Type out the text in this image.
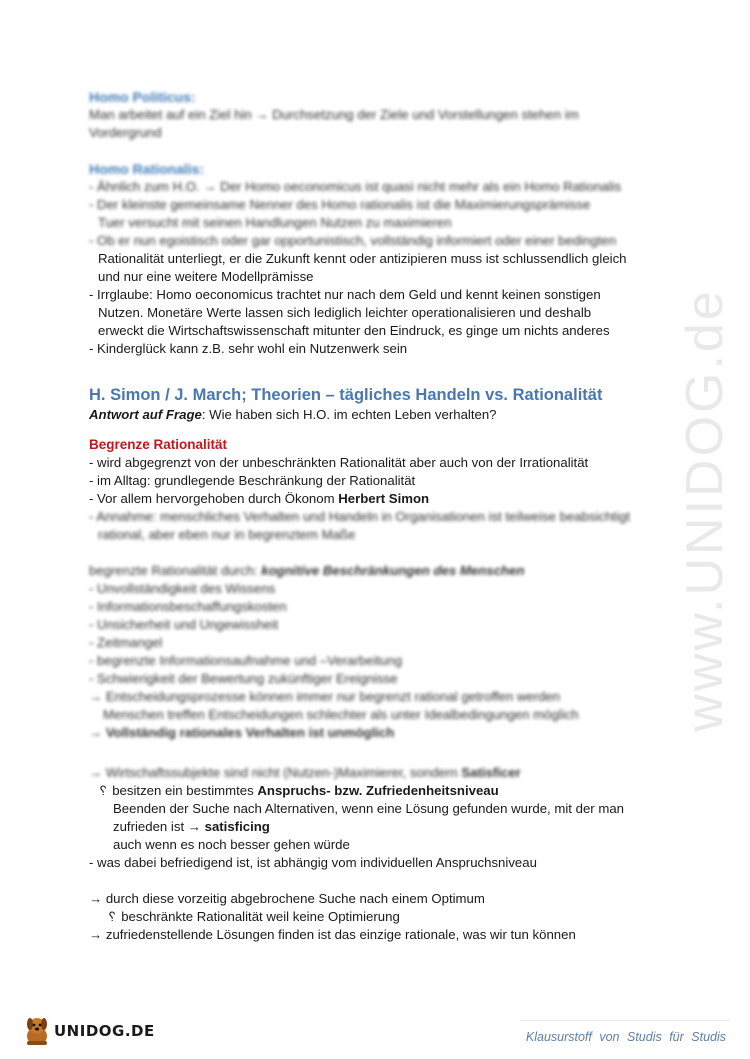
www.UNIDOG.de

Homo Politicus:

Man arbeitet auf ein Ziel hin → Durchsetzung der Ziele und Vorstellungen stehen im

Vordergrund

Homo Rationalis:

- Ähnlich zum H.O. → Der Homo oeconomicus ist quasi nicht mehr als ein Homo Rationalis

- Der kleinste gemeinsame Nenner des Homo rationalis ist die Maximierungsprämisse

Tuer versucht mit seinen Handlungen Nutzen zu maximieren

- Ob er nun egoistisch oder gar opportunistisch, vollständig informiert oder einer bedingten

Rationalität unterliegt, er die Zukunft kennt oder antizipieren muss ist schlussendlich gleich

und nur eine weitere Modellprämisse

- Irrglaube: Homo oeconomicus trachtet nur nach dem Geld und kennt keinen sonstigen

Nutzen. Monetäre Werte lassen sich lediglich leichter operationalisieren und deshalb

erweckt die Wirtschaftswissenschaft mitunter den Eindruck, es ginge um nichts anderes

- Kinderglück kann z.B. sehr wohl ein Nutzenwerk sein

H. Simon / J. March; Theorien – tägliches Handeln vs. Rationalität

Antwort auf Frage: Wie haben sich H.O. im echten Leben verhalten?

Begrenze Rationalität

- wird abgegrenzt von der unbeschränkten Rationalität aber auch von der Irrationalität

- im Alltag: grundlegende Beschränkung der Rationalität

- Vor allem hervorgehoben durch Ökonom Herbert Simon

- Annahme: menschliches Verhalten und Handeln in Organisationen ist teilweise beabsichtigt

rational, aber eben nur in begrenztem Maße

begrenzte Rationalität durch: kognitive Beschränkungen des Menschen

- Unvollständigkeit des Wissens

- Informationsbeschaffungskosten

- Unsicherheit und Ungewissheit

- Zeitmangel

- begrenzte Informationsaufnahme und –Verarbeitung

- Schwierigkeit der Bewertung zukünftiger Ereignisse

→ Entscheidungsprozesse können immer nur begrenzt rational getroffen werden

Menschen treffen Entscheidungen schlechter als unter Idealbedingungen möglich

→ Vollständig rationales Verhalten ist unmöglich

→ Wirtschaftssubjekte sind nicht (Nutzen-)Maximierer, sondern Satisficer

␦ besitzen ein bestimmtes Anspruchs- bzw. Zufriedenheitsniveau

Beenden der Suche nach Alternativen, wenn eine Lösung gefunden wurde, mit der man

zufrieden ist → satisficing

auch wenn es noch besser gehen würde

- was dabei befriedigend ist, ist abhängig vom individuellen Anspruchsniveau

→ durch diese vorzeitig abgebrochene Suche nach einem Optimum

␦ beschränkte Rationalität weil keine Optimierung

→ zufriedenstellende Lösungen finden ist das einzige rationale, was wir tun können

UNIDOG.DE	Klausurstoff von Studis für Studis
